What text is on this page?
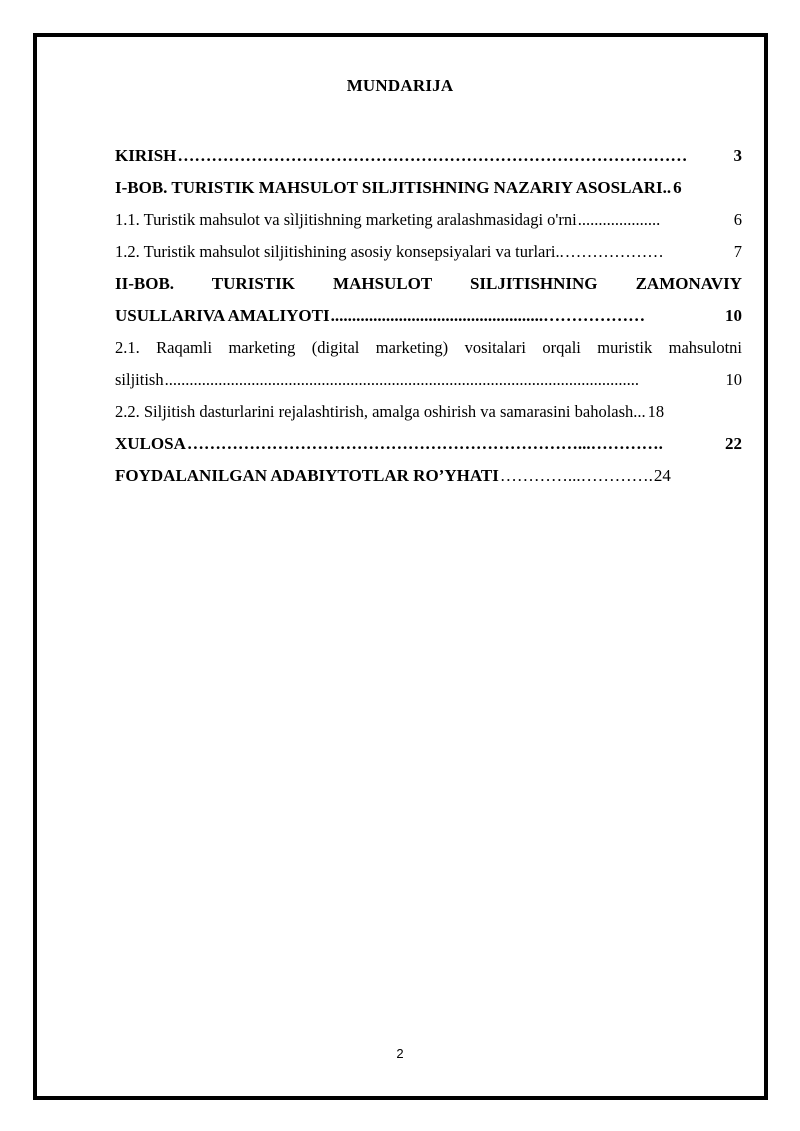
MUNDARIJA
KIRISH ………………………………………………………………………………	3
I-BOB. TURISTIK MAHSULOT SILJITISHNING NAZARIY ASOSLARI.. 6
1.1. Turistik mahsulot va sìljitishning marketing aralashmasidagi o'rni ....................	6
1.2. Turistik mahsulot siljitishining asosiy konsepsiyalari va turlari.. ………………	7
II-BOB. TURISTIK MAHSULOT SILJITISHNING ZAMONAVIY
USULLARIVA AMALIYOTI ..................................................………………	10
2.1. Raqamli marketing (digital marketing) vositalari orqali muristik mahsulotni
siljitish ...................................................................................................................	10
2.2. Siljitish dasturlarini rejalashtirish, amalga oshirish va samarasini baholash... 18
XULOSA ……………………………………………………………...………….	22
FOYDALANILGAN ADABIYTOTLAR RO’YHATI …………...…………. 24
2
